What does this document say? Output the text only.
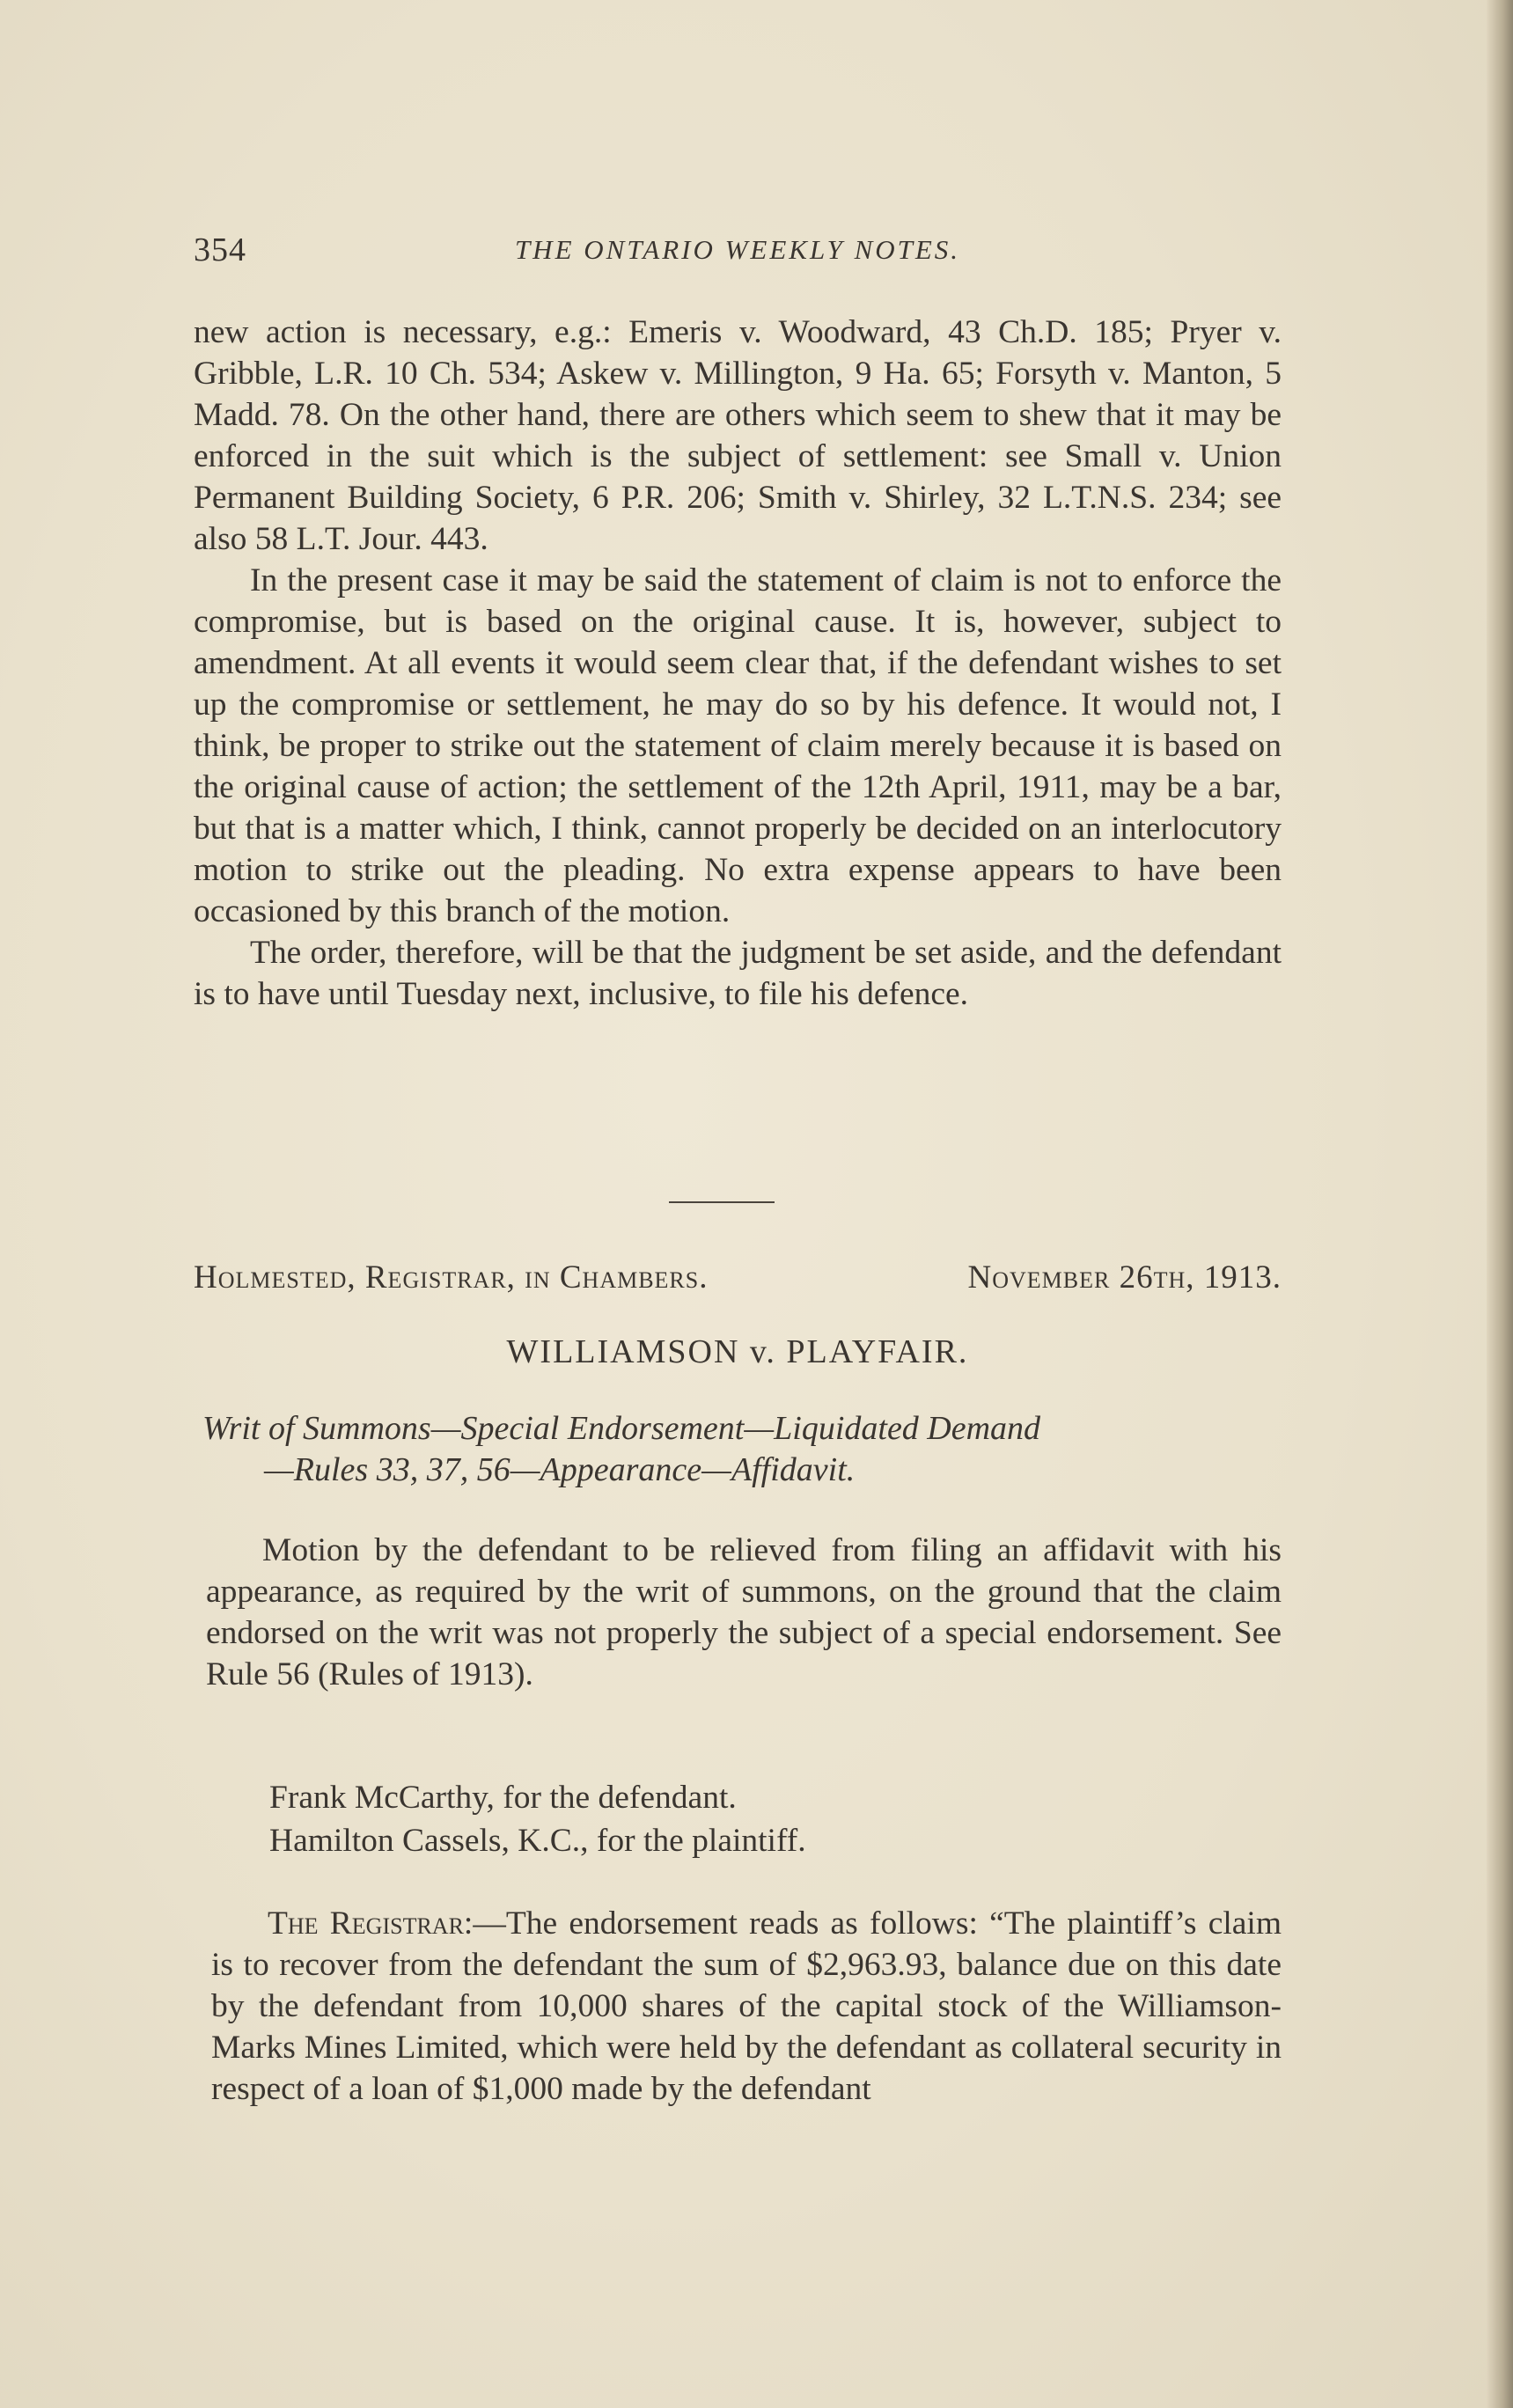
354	THE ONTARIO WEEKLY NOTES.

new action is necessary, e.g.: Emeris v. Woodward, 43 Ch.D. 185; Pryer v. Gribble, L.R. 10 Ch. 534; Askew v. Millington, 9 Ha. 65; Forsyth v. Manton, 5 Madd. 78. On the other hand, there are others which seem to shew that it may be enforced in the suit which is the subject of settlement: see Small v. Union Permanent Building Society, 6 P.R. 206; Smith v. Shirley, 32 L.T.N.S. 234; see also 58 L.T. Jour. 443.

In the present case it may be said the statement of claim is not to enforce the compromise, but is based on the original cause. It is, however, subject to amendment. At all events it would seem clear that, if the defendant wishes to set up the compromise or settlement, he may do so by his defence. It would not, I think, be proper to strike out the statement of claim merely because it is based on the original cause of action; the settlement of the 12th April, 1911, may be a bar, but that is a matter which, I think, cannot properly be decided on an interlocutory motion to strike out the pleading. No extra expense appears to have been occasioned by this branch of the motion.

The order, therefore, will be that the judgment be set aside, and the defendant is to have until Tuesday next, inclusive, to file his defence.

Holmested, Registrar, in Chambers.	November 26th, 1913.
WILLIAMSON v. PLAYFAIR.
Writ of Summons—Special Endorsement—Liquidated Demand
—Rules 33, 37, 56—Appearance—Affidavit.

Motion by the defendant to be relieved from filing an affidavit with his appearance, as required by the writ of summons, on the ground that the claim endorsed on the writ was not properly the subject of a special endorsement. See Rule 56 (Rules of 1913).

Frank McCarthy, for the defendant.
Hamilton Cassels, K.C., for the plaintiff.

The Registrar:—The endorsement reads as follows: “The plaintiff’s claim is to recover from the defendant the sum of $2,963.93, balance due on this date by the defendant from 10,000 shares of the capital stock of the Williamson-Marks Mines Limited, which were held by the defendant as collateral security in respect of a loan of $1,000 made by the defendant
